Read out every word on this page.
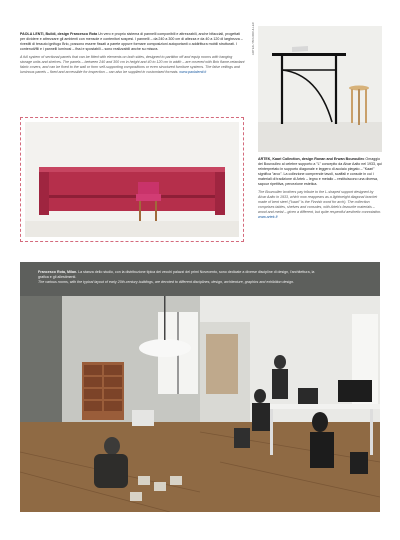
PAOLA LENTI, Buildi, design Francesco Rota Un vero e proprio sistema di pannelli componibili e attrezzabili, anche bifacciali, progettati per dividere e attrezzare gli ambienti con mensole e contenitori sospesi. I pannelli – da 240 a 300 cm di altezza e da 40 a 120 di larghezza – rivestiti di tessuto ignifugo Brio, possono essere fissati a parete oppure formare composizioni autoportanti o addirittura mobili strutturati. I contenuti/fili e i pannelli luminosi – fissi e spostabili – sono realizzabili anche su misura.

A full system of sectional panels that can be fitted with elements on both sides, designed to partition off and equip rooms with hanging storage units and shelves. The panels – between 240 and 300 cm in height and 40 to 120 cm in width – are covered with Brio flame-retardant fabric covers, and can be fixed to the wall or form self-supporting compositions or even structured furniture systems. The false ceilings and luminous panels – fixed and accessible for inspection – can also be supplied in customised formats. www.paolalenti.it

ARTEK / BOUROULLEC

ARTEK, Kaari Collection, design Ronan and Erwan Bouroullec Omaggio dei Bouroullec al celebre supporto a "L" concepito da Alvar Aalto nel 1933, qui reinterpretato in supporto diagonale e leggero di acciaio piegato – "Kaari" significa "arco". La collezione comprende tavoli, scaffali e console in cui i materiali di tradizione di Artek – legno e metallo – restituiscono una diversa, sapour ripetitiva, percezione estetica.

The Bouroullec brothers pay tribute to the L-shaped support designed by Alvar Aalto in 1933, which now reappears as a lightweight diagonal bracket made of bent steel ("kaari" is the Finnish word for arch). The collection comprises tables, shelves and consoles, with Artek's favourite materials – wood and metal – given a different, but quite respectful aesthetic connotation. www.artek.fi

Francesco Rota, Milan. La stanza dello studio, con la distribuzione tipica dei vecchi palazzi del primi Novecento, sono dedicate a diverse discipline di design, l'architettura, la grafica e gli allestimenti.

The various rooms, with the typical layout of early 20th-century buildings, are devoted to different disciplines, design, architecture, graphics and exhibition design.
